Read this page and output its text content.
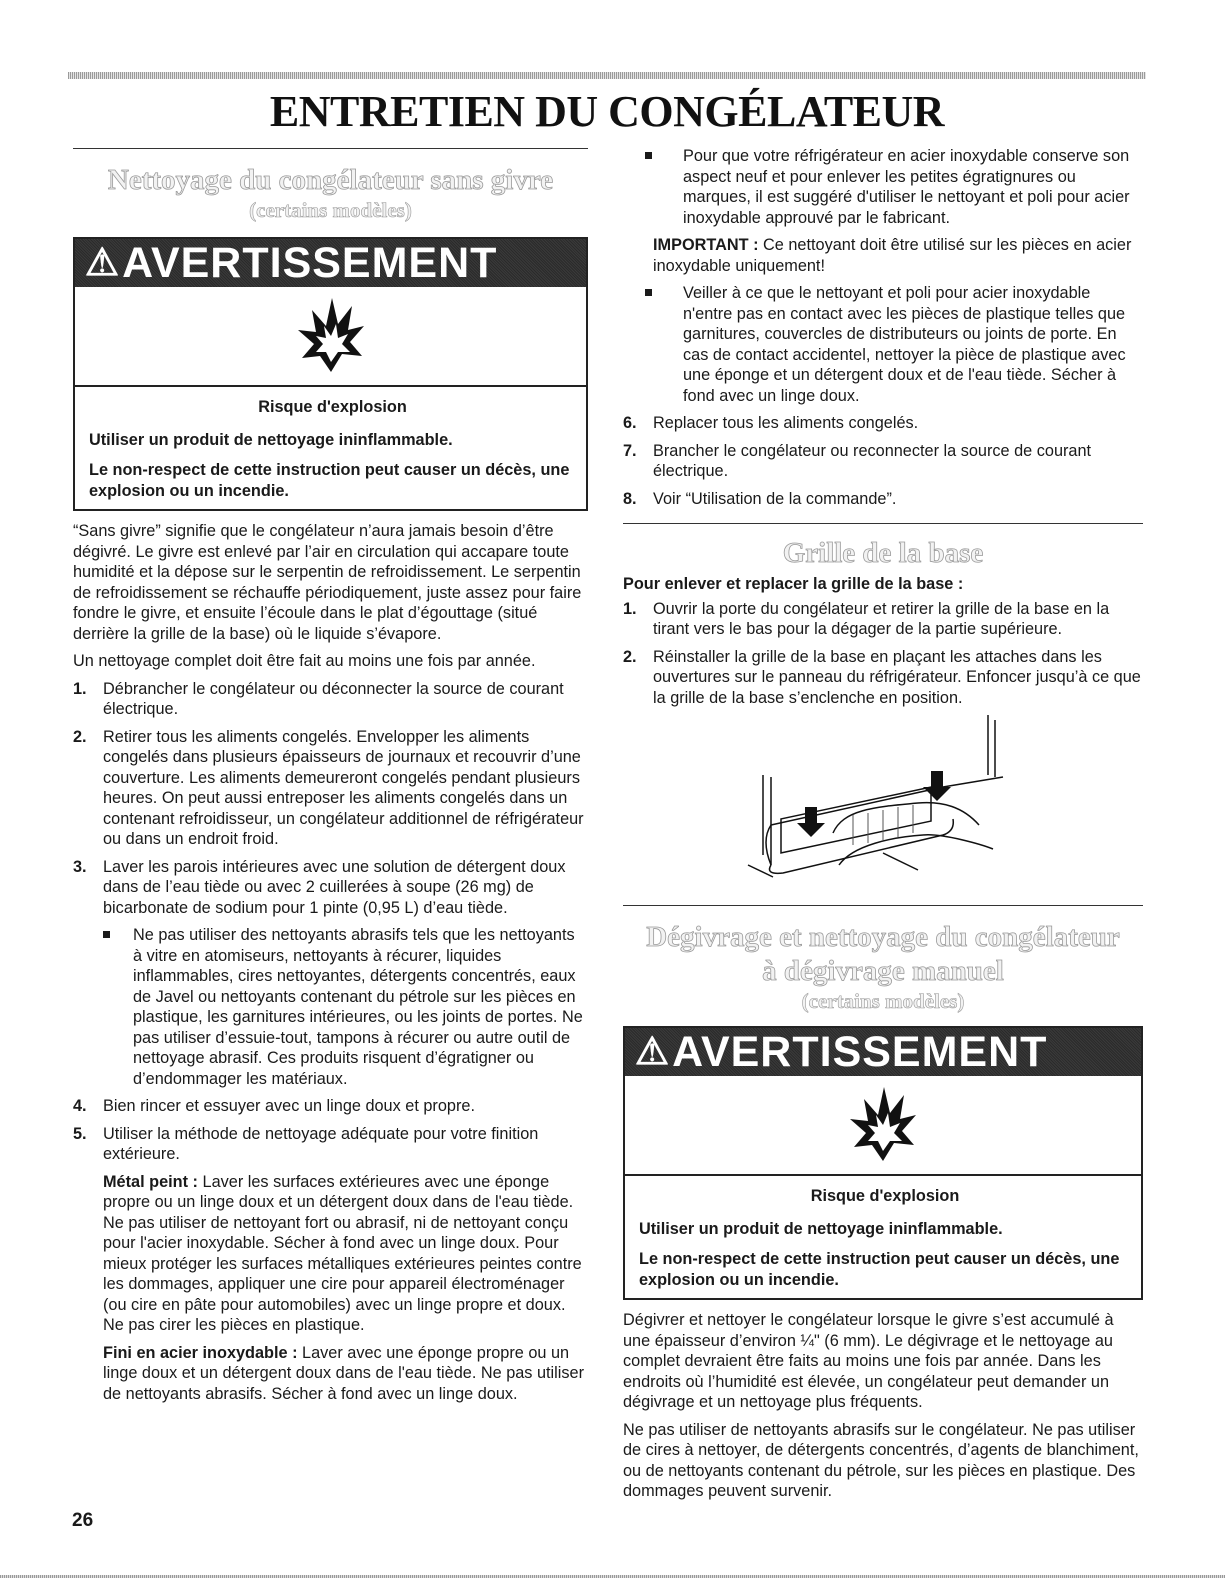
ENTRETIEN DU CONGÉLATEUR
Nettoyage du congélateur sans givre
(certains modèles)
⚠ AVERTISSEMENT

Risque d'explosion

Utiliser un produit de nettoyage ininflammable.

Le non-respect de cette instruction peut causer un décès, une explosion ou un incendie.

“Sans givre” signifie que le congélateur n’aura jamais besoin d’être dégivré. Le givre est enlevé par l’air en circulation qui accapare toute humidité et la dépose sur le serpentin de refroidissement. Le serpentin de refroidissement se réchauffe périodiquement, juste assez pour faire fondre le givre, et ensuite l’écoule dans le plat d’égouttage (situé derrière la grille de la base) où le liquide s’évapore.

Un nettoyage complet doit être fait au moins une fois par année.

1. Débrancher le congélateur ou déconnecter la source de courant électrique.
2. Retirer tous les aliments congelés. Envelopper les aliments congelés dans plusieurs épaisseurs de journaux et recouvrir d’une couverture. Les aliments demeureront congelés pendant plusieurs heures. On peut aussi entreposer les aliments congelés dans un contenant refroidisseur, un congélateur additionnel de réfrigérateur ou dans un endroit froid.
3. Laver les parois intérieures avec une solution de détergent doux dans de l’eau tiède ou avec 2 cuillerées à soupe (26 mg) de bicarbonate de sodium pour 1 pinte (0,95 L) d’eau tiède.
Ne pas utiliser des nettoyants abrasifs tels que les nettoyants à vitre en atomiseurs, nettoyants à récurer, liquides inflammables, cires nettoyantes, détergents concentrés, eaux de Javel ou nettoyants contenant du pétrole sur les pièces en plastique, les garnitures intérieures, ou les joints de portes. Ne pas utiliser d’essuie-tout, tampons à récurer ou autre outil de nettoyage abrasif. Ces produits risquent d’égratigner ou d’endommager les matériaux.
4. Bien rincer et essuyer avec un linge doux et propre.
5. Utiliser la méthode de nettoyage adéquate pour votre finition extérieure.

Métal peint : Laver les surfaces extérieures avec une éponge propre ou un linge doux et un détergent doux dans de l'eau tiède. Ne pas utiliser de nettoyant fort ou abrasif, ni de nettoyant conçu pour l'acier inoxydable. Sécher à fond avec un linge doux. Pour mieux protéger les surfaces métalliques extérieures peintes contre les dommages, appliquer une cire pour appareil électroménager (ou cire en pâte pour automobiles) avec un linge propre et doux. Ne pas cirer les pièces en plastique.

Fini en acier inoxydable : Laver avec une éponge propre ou un linge doux et un détergent doux dans de l'eau tiède. Ne pas utiliser de nettoyants abrasifs. Sécher à fond avec un linge doux.

Pour que votre réfrigérateur en acier inoxydable conserve son aspect neuf et pour enlever les petites égratignures ou marques, il est suggéré d'utiliser le nettoyant et poli pour acier inoxydable approuvé par le fabricant.

IMPORTANT : Ce nettoyant doit être utilisé sur les pièces en acier inoxydable uniquement!

Veiller à ce que le nettoyant et poli pour acier inoxydable n'entre pas en contact avec les pièces de plastique telles que garnitures, couvercles de distributeurs ou joints de porte. En cas de contact accidentel, nettoyer la pièce de plastique avec une éponge et un détergent doux et de l'eau tiède. Sécher à fond avec un linge doux.
6. Replacer tous les aliments congelés.
7. Brancher le congélateur ou reconnecter la source de courant électrique.
8. Voir “Utilisation de la commande”.
Grille de la base

Pour enlever et replacer la grille de la base :

1. Ouvrir la porte du congélateur et retirer la grille de la base en la tirant vers le bas pour la dégager de la partie supérieure.
2. Réinstaller la grille de la base en plaçant les attaches dans les ouvertures sur le panneau du réfrigérateur. Enfoncer jusqu’à ce que la grille de la base s’enclenche en position.
Dégivrage et nettoyage du congélateur
à dégivrage manuel
(certains modèles)
⚠ AVERTISSEMENT

Risque d'explosion

Utiliser un produit de nettoyage ininflammable.

Le non-respect de cette instruction peut causer un décès, une explosion ou un incendie.

Dégivrer et nettoyer le congélateur lorsque le givre s’est accumulé à une épaisseur d’environ ¼" (6 mm). Le dégivrage et le nettoyage au complet devraient être faits au moins une fois par année. Dans les endroits où l’humidité est élevée, un congélateur peut demander un dégivrage et un nettoyage plus fréquents.

Ne pas utiliser de nettoyants abrasifs sur le congélateur. Ne pas utiliser de cires à nettoyer, de détergents concentrés, d’agents de blanchiment, ou de nettoyants contenant du pétrole, sur les pièces en plastique. Des dommages peuvent survenir.

26
